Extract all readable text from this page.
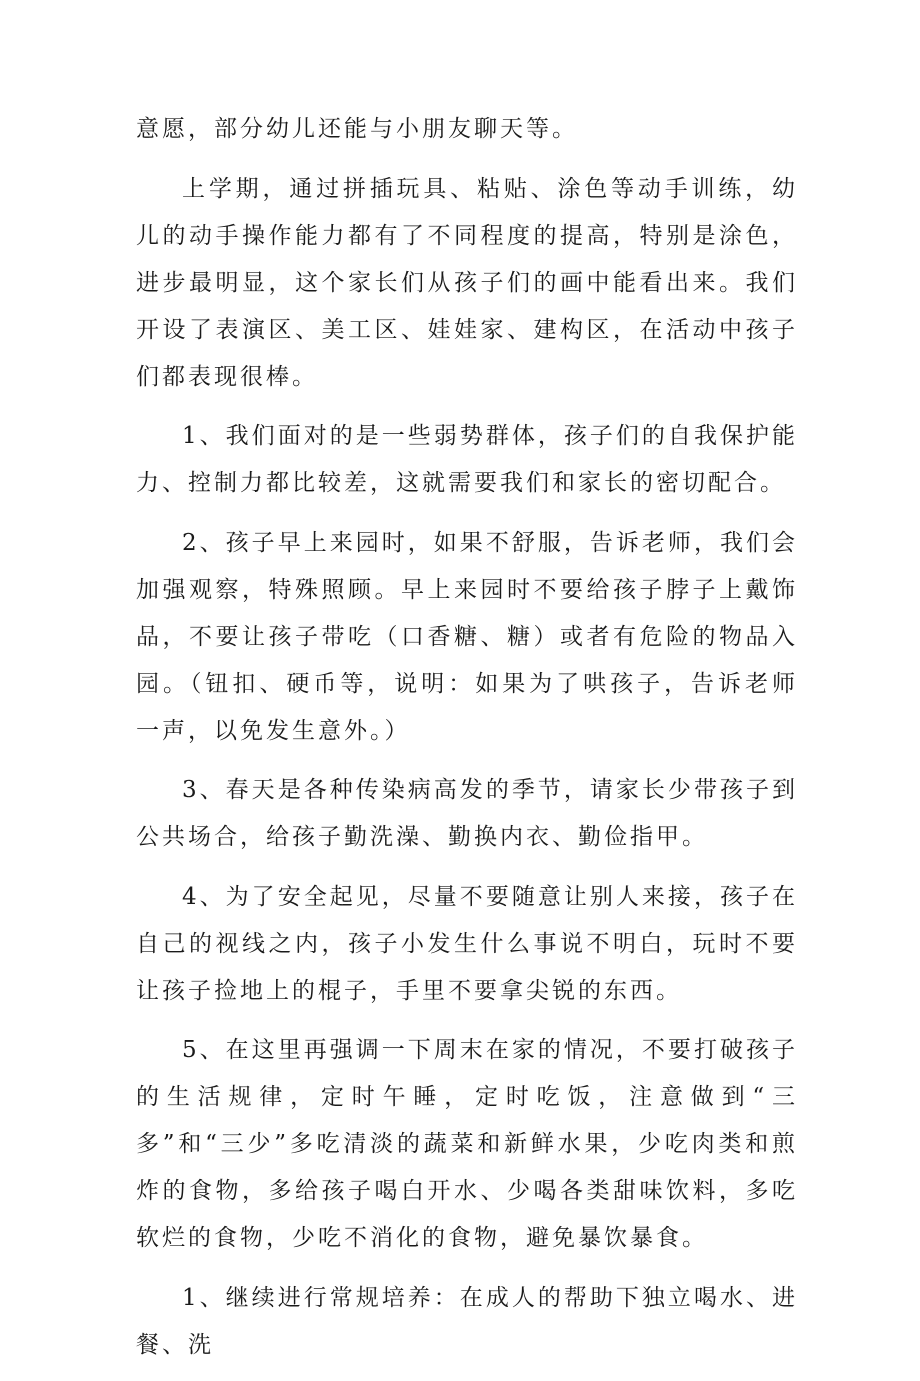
意愿，部分幼儿还能与小朋友聊天等。

上学期，通过拼插玩具、粘贴、涂色等动手训练，幼儿的动手操作能力都有了不同程度的提高，特别是涂色，进步最明显，这个家长们从孩子们的画中能看出来。我们开设了表演区、美工区、娃娃家、建构区，在活动中孩子们都表现很棒。

1、我们面对的是一些弱势群体，孩子们的自我保护能力、控制力都比较差，这就需要我们和家长的密切配合。

2、孩子早上来园时，如果不舒服，告诉老师，我们会加强观察，特殊照顾。早上来园时不要给孩子脖子上戴饰品，不要让孩子带吃（口香糖、糖）或者有危险的物品入园。（钮扣、硬币等，说明：如果为了哄孩子，告诉老师一声，以免发生意外。）

3、春天是各种传染病高发的季节，请家长少带孩子到公共场合，给孩子勤洗澡、勤换内衣、勤俭指甲。

4、为了安全起见，尽量不要随意让别人来接，孩子在自己的视线之内，孩子小发生什么事说不明白，玩时不要让孩子捡地上的棍子，手里不要拿尖锐的东西。

5、在这里再强调一下周末在家的情况，不要打破孩子的生活规律，定时午睡，定时吃饭，注意做到“三多”和“三少”多吃清淡的蔬菜和新鲜水果，少吃肉类和煎炸的食物，多给孩子喝白开水、少喝各类甜味饮料，多吃软烂的食物，少吃不消化的食物，避免暴饮暴食。

1、继续进行常规培养：在成人的帮助下独立喝水、进餐、洗
